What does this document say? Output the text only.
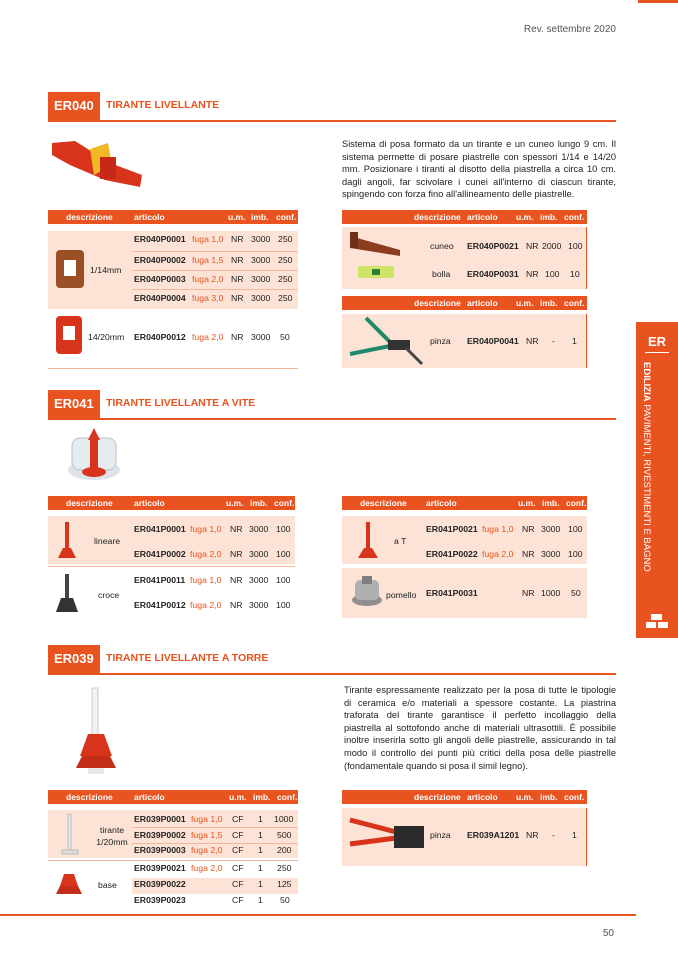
Rev. settembre 2020
50
ER
EDILIZIA PAVIMENTI, RIVESTIMENTI E BAGNO
ER040	TIRANTE LIVELLANTE
Sistema di posa formato da un tirante e un cuneo lungo 9 cm. Il sistema permette di posare piastrelle con spessori 1/14 e 14/20 mm. Posizionare i tiranti al disotto della piastrella a circa 10 cm. dagli angoli, far scivolare i cunei all'interno di ciascun tirante, spingendo con forza fino all'allineamento delle piastrelle.
descrizione articolo	u.m. imb. conf.
1/14mm
ER040P0001 fuga 1,0 NR 3000 250
ER040P0002 fuga 1,5 NR 3000 250
ER040P0003 fuga 2,0 NR 3000 250
ER040P0004 fuga 3,0 NR 3000 250
14/20mm ER040P0012 fuga 2,0 NR 3000 50
descrizione articolo u.m. imb. conf.
cuneo ER040P0021 NR 2000 100
bolla ER040P0031 NR 100 10
descrizione articolo u.m. imb. conf.
pinza ER040P0041 NR - 1
ER041	TIRANTE LIVELLANTE A VITE
descrizione articolo	u.m. imb. conf.
lineare
ER041P0001 fuga 1,0 NR 3000 100
ER041P0002 fuga 2,0 NR 3000 100
croce
ER041P0011 fuga 1,0 NR 3000 100
ER041P0012 fuga 2,0 NR 3000 100
descrizione articolo	u.m. imb. conf.
a T
ER041P0021 fuga 1,0 NR 3000 100
ER041P0022 fuga 2,0 NR 3000 100
pomello ER041P0031	NR 1000 50
ER039	TIRANTE LIVELLANTE A TORRE
Tirante espressamente realizzato per la posa di tutte le tipologie di ceramica e/o materiali a spessore costante. La piastrina traforata del tirante garantisce il perfetto incollaggio della piastrella al sottofondo anche di materiali ultrasottili. È possibile inoltre inserirla sotto gli angoli delle piastrelle, assicurando in tal modo il controllo dei punti più critici della posa delle piastrelle (fondamentale quando si posa il simil legno).
descrizione articolo	u.m. imb. conf.
tirante 1/20mm
ER039P0001 fuga 1,0 CF 1 1000
ER039P0002 fuga 1,5 CF 1 500
ER039P0003 fuga 2,0 CF 1 200
base
ER039P0021 fuga 2,0 CF 1 250
ER039P0022	CF 1 125
ER039P0023	CF 1 50
descrizione articolo u.m. imb. conf.
pinza ER039A1201 NR - 1
